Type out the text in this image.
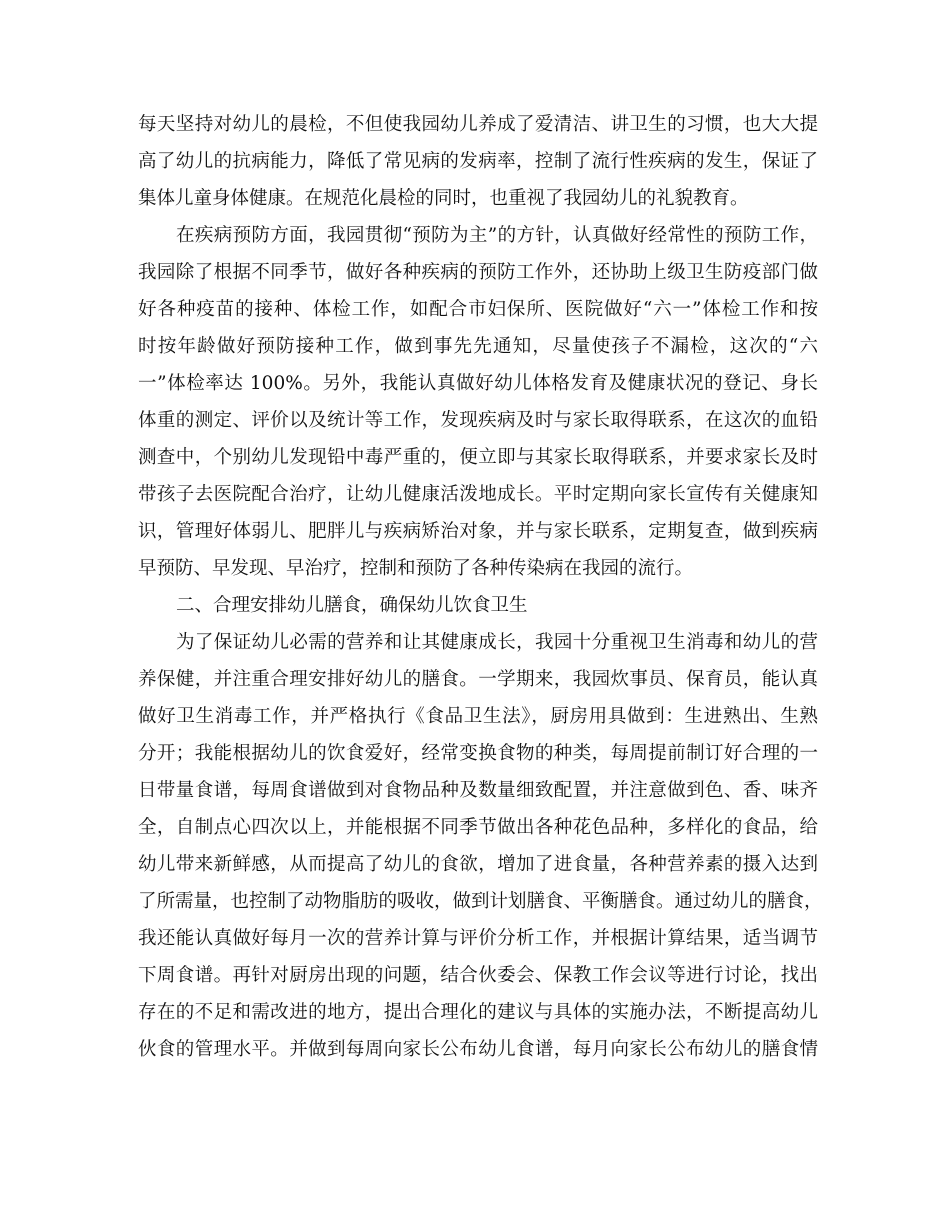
每天坚持对幼儿的晨检，不但使我园幼儿养成了爱清洁、讲卫生的习惯，也大大提
高了幼儿的抗病能力，降低了常见病的发病率，控制了流行性疾病的发生，保证了
集体儿童身体健康。在规范化晨检的同时，也重视了我园幼儿的礼貌教育。
在疾病预防方面，我园贯彻“预防为主”的方针，认真做好经常性的预防工作，
我园除了根据不同季节，做好各种疾病的预防工作外，还协助上级卫生防疫部门做
好各种疫苗的接种、体检工作，如配合市妇保所、医院做好“六一”体检工作和按
时按年龄做好预防接种工作，做到事先先通知，尽量使孩子不漏检，这次的“六
一”体检率达 100%。另外，我能认真做好幼儿体格发育及健康状况的登记、身长
体重的测定、评价以及统计等工作，发现疾病及时与家长取得联系，在这次的血铅
测查中，个别幼儿发现铅中毒严重的，便立即与其家长取得联系，并要求家长及时
带孩子去医院配合治疗，让幼儿健康活泼地成长。平时定期向家长宣传有关健康知
识，管理好体弱儿、肥胖儿与疾病矫治对象，并与家长联系，定期复查，做到疾病
早预防、早发现、早治疗，控制和预防了各种传染病在我园的流行。
二、合理安排幼儿膳食，确保幼儿饮食卫生
为了保证幼儿必需的营养和让其健康成长，我园十分重视卫生消毒和幼儿的营
养保健，并注重合理安排好幼儿的膳食。一学期来，我园炊事员、保育员，能认真
做好卫生消毒工作，并严格执行《食品卫生法》，厨房用具做到：生进熟出、生熟
分开；我能根据幼儿的饮食爱好，经常变换食物的种类，每周提前制订好合理的一
日带量食谱，每周食谱做到对食物品种及数量细致配置，并注意做到色、香、味齐
全，自制点心四次以上，并能根据不同季节做出各种花色品种，多样化的食品，给
幼儿带来新鲜感，从而提高了幼儿的食欲，增加了进食量，各种营养素的摄入达到
了所需量，也控制了动物脂肪的吸收，做到计划膳食、平衡膳食。通过幼儿的膳食，
我还能认真做好每月一次的营养计算与评价分析工作，并根据计算结果，适当调节
下周食谱。再针对厨房出现的问题，结合伙委会、保教工作会议等进行讨论，找出
存在的不足和需改进的地方，提出合理化的建议与具体的实施办法，不断提高幼儿
伙食的管理水平。并做到每周向家长公布幼儿食谱，每月向家长公布幼儿的膳食情
